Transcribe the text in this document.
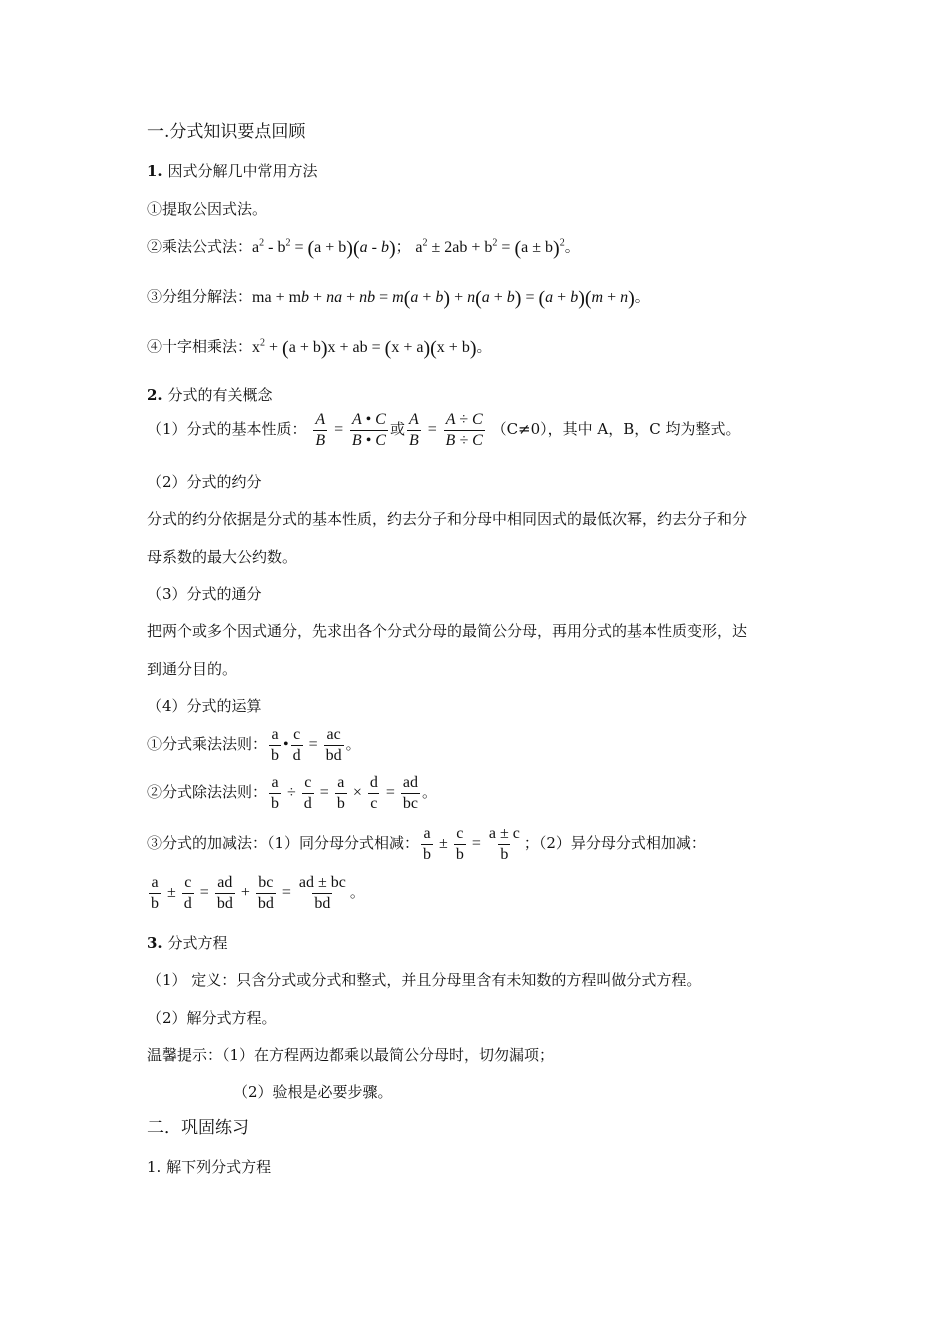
一.分式知识要点回顾
1. 因式分解几中常用方法
①提取公因式法。
②乘法公式法：$a^2 - b^2 = (a + b)(a - b)$； $a^2 \pm 2ab + b^2 = (a \pm b)^2$。
③分组分解法：ma + mb + na + nb = m(a + b) + n(a + b) = (a + b)(m + n)。
④十字相乘法：$x^2 + (a + b)x$ + ab = (x + a)(x + b)。
2. 分式的有关概念
（1）分式的基本性质： $\frac{A}{B} = \frac{A • C}{B • C}$ 或 $\frac{A}{B} = \frac{A \div C}{B \div C} (C\ne 0)$，其中 A，B，C 均为整式。
（2）分式的约分
分式的约分依据是分式的基本性质，约去分子和分母中相同因式的最低次幂，约去分子和分
母系数的最大公约数。
（3）分式的通分
把两个或多个因式通分，先求出各个分式分母的最简公分母，再用分式的基本性质变形，达
到通分目的。
（4）分式的运算
①分式乘法法则： $\frac{a}{b}$ • $\frac{c}{d} = \frac{ac}{bd}$ 。
②分式除法法则： $\frac{a}{b} \div \frac{c}{d} = \frac{a}{b} \times \frac{d}{c} = \frac{ad}{bc}$ 。
③分式的加减法：（1）同分母分式相减： $\frac{a}{b} \pm \frac{c}{b} = \frac{a \pm c}{b}$ ；（2）异分母分式相加减：
$\frac{a}{b} \pm \frac{c}{d} = \frac{ad}{bd} + \frac{bc}{bd} = \frac{ad \pm bc}{bd}$ 。
3. 分式方程
（1） 定义：只含分式或分式和整式，并且分母里含有未知数的方程叫做分式方程。
（2）解分式方程。
温馨提示：（1）在方程两边都乘以最简公分母时，切勿漏项；
（2）验根是必要步骤。
二．巩固练习
1. 解下列分式方程
